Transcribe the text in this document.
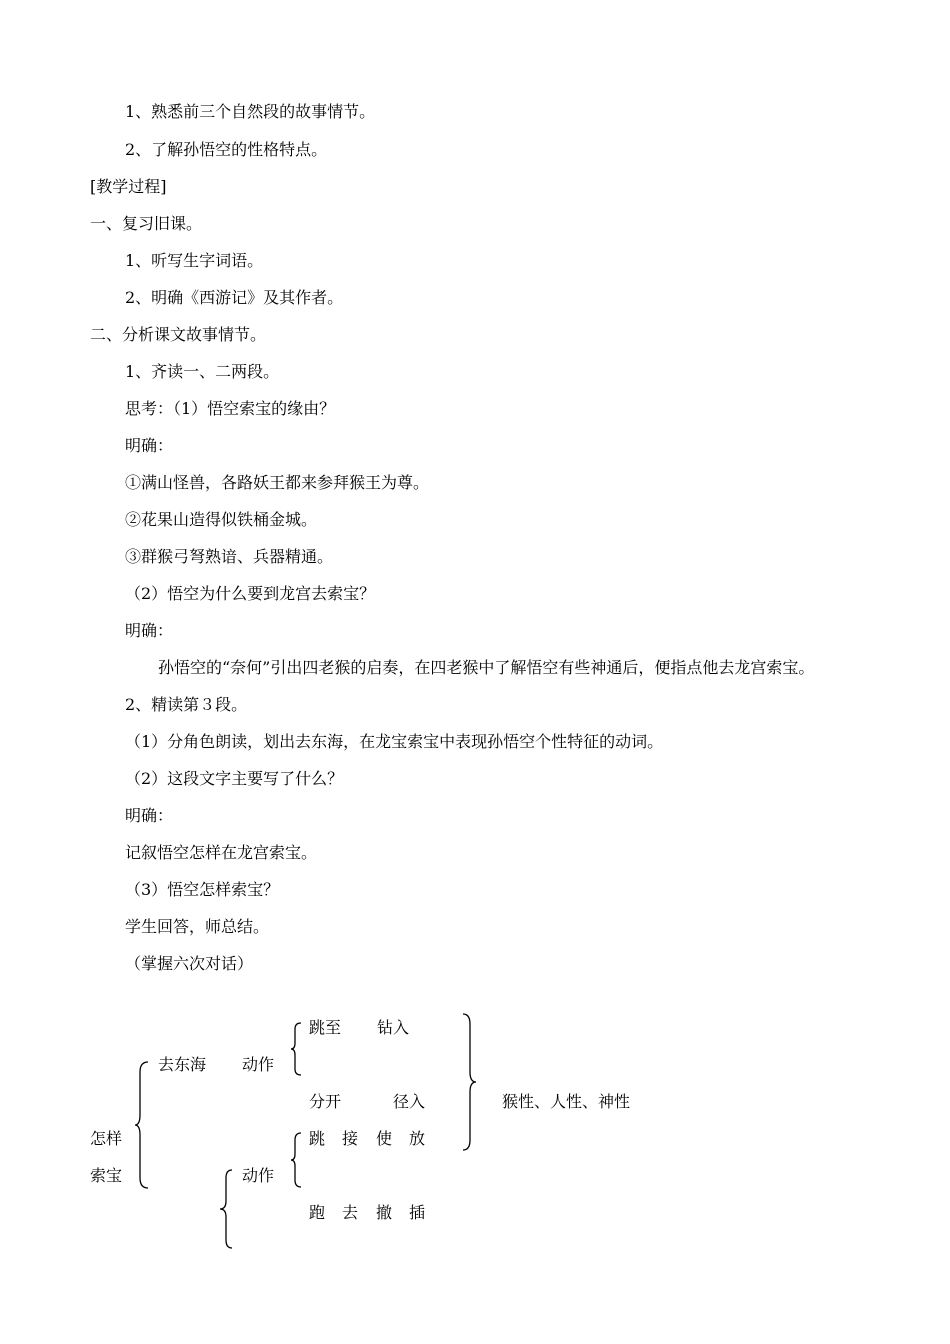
1、熟悉前三个自然段的故事情节。
2、了解孙悟空的性格特点。
[教学过程]
一、复习旧课。
1、听写生字词语。
2、明确《西游记》及其作者。
二、分析课文故事情节。
1、齐读一、二两段。
思考：（1）悟空索宝的缘由？
明确：
①满山怪兽，各路妖王都来参拜猴王为尊。
②花果山造得似铁桶金城。
③群猴弓弩熟谙、兵器精通。
（2）悟空为什么要到龙宫去索宝？
明确：
孙悟空的“奈何”引出四老猴的启奏，在四老猴中了解悟空有些神通后，便指点他去龙宫索宝。
2、精读第３段。
（1）分角色朗读，划出去东海，在龙宝索宝中表现孙悟空个性特征的动词。
（2）这段文字主要写了什么？
明确：
记叙悟空怎样在龙宫索宝。
（3）悟空怎样索宝？
学生回答，师总结。
（掌握六次对话）
怎样
索宝
去东海 动作
跳至 钻入
分开	径入	猴性、人性、神性
动作
跳 接 使 放
跑 去 撤 插
